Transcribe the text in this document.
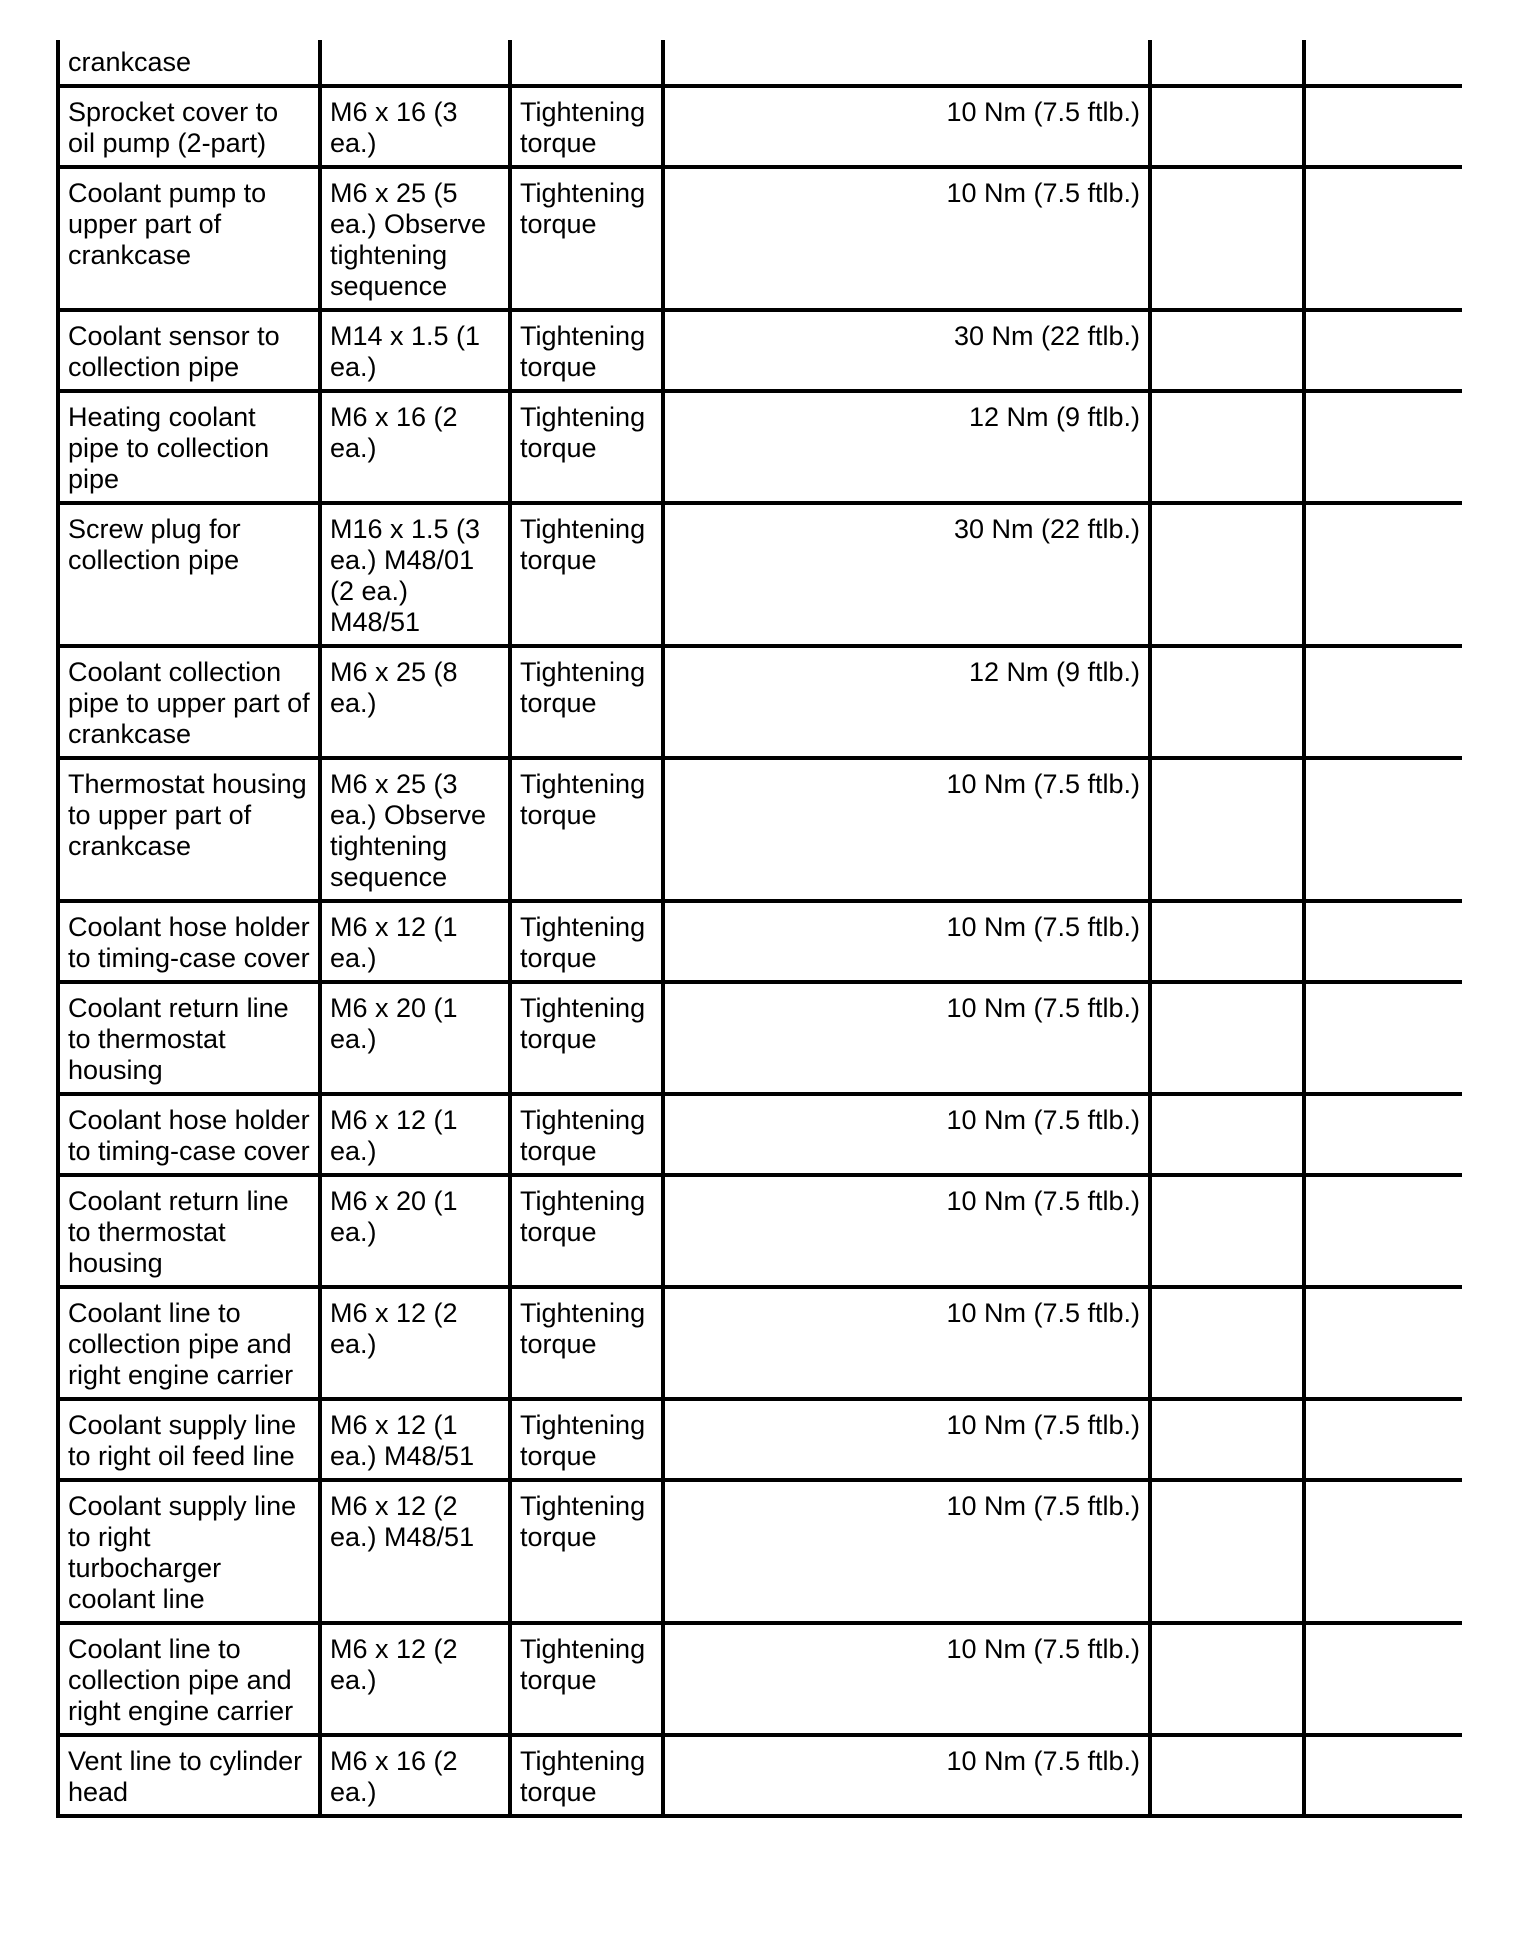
crankcase					
Sprocket cover to oil pump (2-part)	M6 x 16 (3 ea.)	Tightening torque	10 Nm (7.5 ftlb.)		
Coolant pump to upper part of crankcase	M6 x 25 (5 ea.) Observe tightening sequence	Tightening torque	10 Nm (7.5 ftlb.)		
Coolant sensor to collection pipe	M14 x 1.5 (1 ea.)	Tightening torque	30 Nm (22 ftlb.)		
Heating coolant pipe to collection pipe	M6 x 16 (2 ea.)	Tightening torque	12 Nm (9 ftlb.)		
Screw plug for collection pipe	M16 x 1.5 (3 ea.) M48/01 (2 ea.) M48/51	Tightening torque	30 Nm (22 ftlb.)		
Coolant collection pipe to upper part of crankcase	M6 x 25 (8 ea.)	Tightening torque	12 Nm (9 ftlb.)		
Thermostat housing to upper part of crankcase	M6 x 25 (3 ea.) Observe tightening sequence	Tightening torque	10 Nm (7.5 ftlb.)		
Coolant hose holder to timing-case cover	M6 x 12 (1 ea.)	Tightening torque	10 Nm (7.5 ftlb.)		
Coolant return line to thermostat housing	M6 x 20 (1 ea.)	Tightening torque	10 Nm (7.5 ftlb.)		
Coolant hose holder to timing-case cover	M6 x 12 (1 ea.)	Tightening torque	10 Nm (7.5 ftlb.)		
Coolant return line to thermostat housing	M6 x 20 (1 ea.)	Tightening torque	10 Nm (7.5 ftlb.)		
Coolant line to collection pipe and right engine carrier	M6 x 12 (2 ea.)	Tightening torque	10 Nm (7.5 ftlb.)		
Coolant supply line to right oil feed line	M6 x 12 (1 ea.) M48/51	Tightening torque	10 Nm (7.5 ftlb.)		
Coolant supply line to right turbocharger coolant line	M6 x 12 (2 ea.) M48/51	Tightening torque	10 Nm (7.5 ftlb.)		
Coolant line to collection pipe and right engine carrier	M6 x 12 (2 ea.)	Tightening torque	10 Nm (7.5 ftlb.)		
Vent line to cylinder head	M6 x 16 (2 ea.)	Tightening torque	10 Nm (7.5 ftlb.)		
